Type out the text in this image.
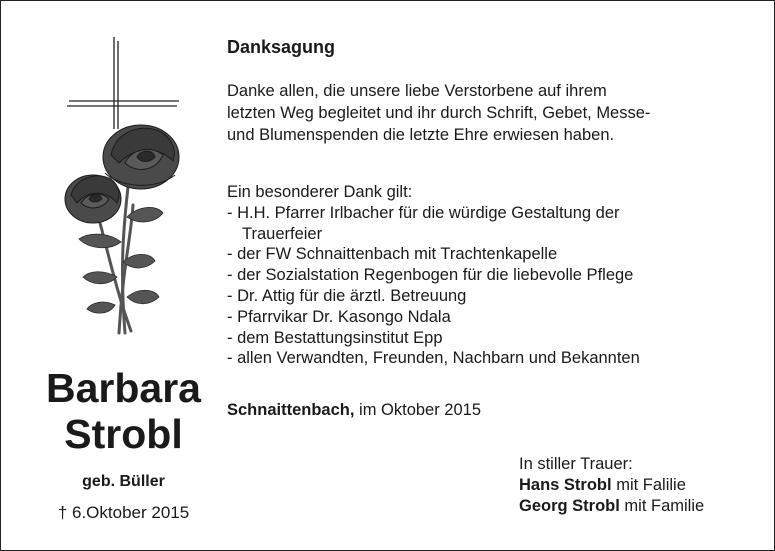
Barbara
Strobl
geb. Büller
† 6.Oktober 2015
Danksagung
Danke allen, die unsere liebe Verstorbene auf ihrem
letzten Weg begleitet und ihr durch Schrift, Gebet, Messe-
und Blumenspenden die letzte Ehre erwiesen haben.
Ein besonderer Dank gilt:
- H.H. Pfarrer Irlbacher für die würdige Gestaltung der
Trauerfeier
- der FW Schnaittenbach mit Trachtenkapelle
- der Sozialstation Regenbogen für die liebevolle Pflege
- Dr. Attig für die ärztl. Betreuung
- Pfarrvikar Dr. Kasongo Ndala
- dem Bestattungsinstitut Epp
- allen Verwandten, Freunden, Nachbarn und Bekannten
Schnaittenbach, im Oktober 2015
In stiller Trauer:
Hans Strobl mit Falilie
Georg Strobl mit Familie
